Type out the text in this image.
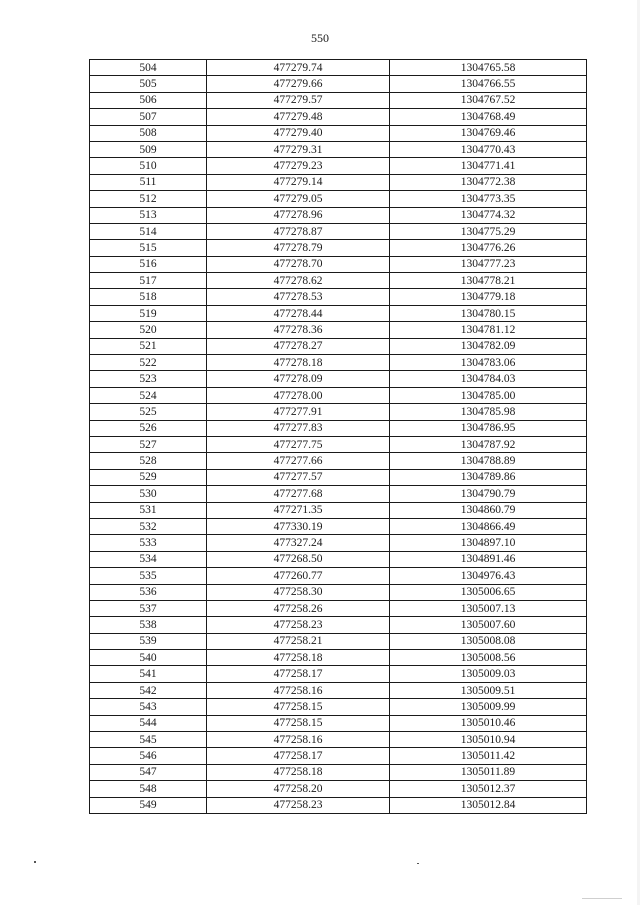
550
504	477279.74	1304765.58
505	477279.66	1304766.55
506	477279.57	1304767.52
507	477279.48	1304768.49
508	477279.40	1304769.46
509	477279.31	1304770.43
510	477279.23	1304771.41
511	477279.14	1304772.38
512	477279.05	1304773.35
513	477278.96	1304774.32
514	477278.87	1304775.29
515	477278.79	1304776.26
516	477278.70	1304777.23
517	477278.62	1304778.21
518	477278.53	1304779.18
519	477278.44	1304780.15
520	477278.36	1304781.12
521	477278.27	1304782.09
522	477278.18	1304783.06
523	477278.09	1304784.03
524	477278.00	1304785.00
525	477277.91	1304785.98
526	477277.83	1304786.95
527	477277.75	1304787.92
528	477277.66	1304788.89
529	477277.57	1304789.86
530	477277.68	1304790.79
531	477271.35	1304860.79
532	477330.19	1304866.49
533	477327.24	1304897.10
534	477268.50	1304891.46
535	477260.77	1304976.43
536	477258.30	1305006.65
537	477258.26	1305007.13
538	477258.23	1305007.60
539	477258.21	1305008.08
540	477258.18	1305008.56
541	477258.17	1305009.03
542	477258.16	1305009.51
543	477258.15	1305009.99
544	477258.15	1305010.46
545	477258.16	1305010.94
546	477258.17	1305011.42
547	477258.18	1305011.89
548	477258.20	1305012.37
549	477258.23	1305012.84
